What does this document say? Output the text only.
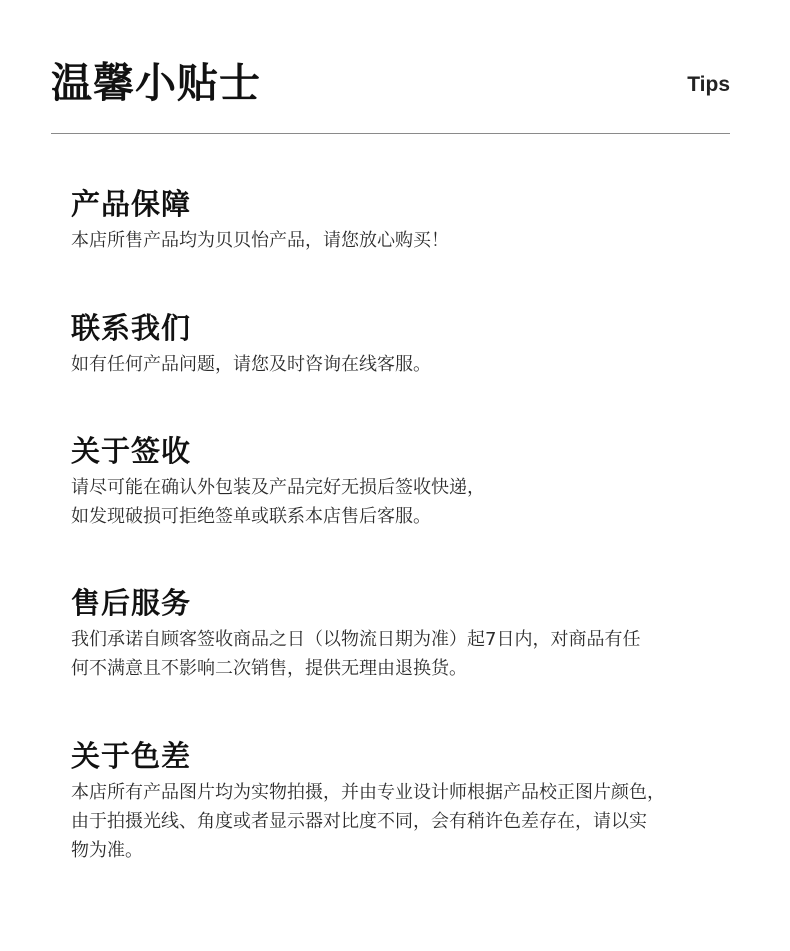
温馨小贴士	Tips
产品保障
本店所售产品均为贝贝怡产品，请您放心购买！
联系我们
如有任何产品问题，请您及时咨询在线客服。
关于签收
请尽可能在确认外包装及产品完好无损后签收快递，
如发现破损可拒绝签单或联系本店售后客服。
售后服务
我们承诺自顾客签收商品之日（以物流日期为准）起7日内，对商品有任
何不满意且不影响二次销售，提供无理由退换货。
关于色差
本店所有产品图片均为实物拍摄，并由专业设计师根据产品校正图片颜色，
由于拍摄光线、角度或者显示器对比度不同，会有稍许色差存在，请以实
物为准。
